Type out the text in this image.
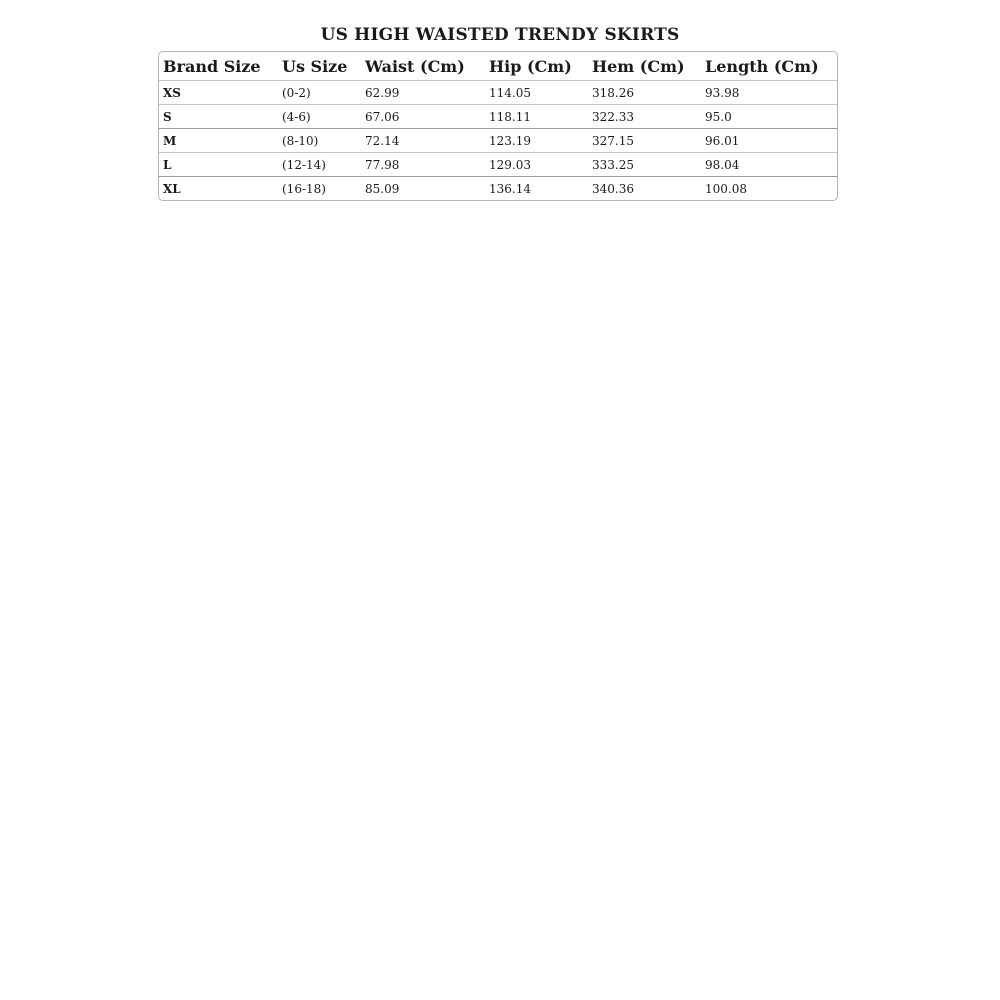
US HIGH WAISTED TRENDY SKIRTS
Brand Size	Us Size	Waist (Cm)	Hip (Cm)	Hem (Cm)	Length (Cm)
XS	(0-2)	62.99	114.05	318.26	93.98
S	(4-6)	67.06	118.11	322.33	95.0
M	(8-10)	72.14	123.19	327.15	96.01
L	(12-14)	77.98	129.03	333.25	98.04
XL	(16-18)	85.09	136.14	340.36	100.08
